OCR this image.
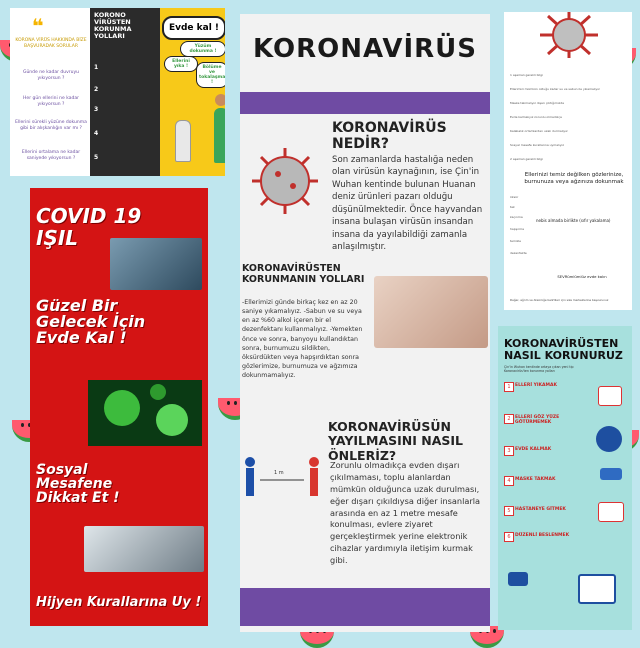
❝
KORONA VİRÜS HAKKINDA BİZE BAŞVURADAK SORULAR
Günde ne kadar duvruyu yıkıyorsun ?
Her gün ellerini ne kadar yıkıyorsun ?
Ellerini sürekli yüzüne dokunma gibi bir alışkanlığın var mı ?
Ellerini ortalama ne kadar saniyede yıkıyorsun ?
KORONO VİRÜSTEN KORUNMA YOLLARI
1
2
3
4
5
Evde kal !
Yüzüm dokunma !
Ellerini yıka !	Bölüme ve tokalaşma !
COVID 19
IŞIL
Güzel Bir Gelecek İçin Evde Kal !
Sosyal Mesafene Dikkat Et !
Hijyen Kurallarına Uy !
KORONAVİRÜS
KORONAVİRÜS NEDİR?
Son zamanlarda hastalığa neden olan virüsün kaynağının, ise Çin'in Wuhan kentinde bulunan Huanan deniz ürünleri pazarı olduğu düşünülmektedir. Önce hayvandan insana bulaşan virüsün insandan insana da yayılabildiği zamanla anlaşılmıştır.
KORONAVİRÜSTEN KORUNMANIN YOLLARI
-Ellerimizi günde birkaç kez en az 20 saniye yıkamalıyız. -Sabun ve su veya en az %60 alkol içeren bir el dezenfektanı kullanmalıyız. -Yemekten önce ve sonra, banyoyu kullandıktan sonra, burnumuzu sildikten, öksürdükten veya hapşırdıktan sonra gözlerimize, burnumuza ve ağzımıza dokunmamalıyız.
KORONAVİRÜSÜN YAYILMASINI NASIL ÖNLERİZ?
Zorunlu olmadıkça evden dışarı çıkılmaması, toplu alanlardan mümkün olduğunca uzak durulması, eğer dışarı çıkıldıysa diğer insanlarla arasında en az 1 metre mesafe konulması, evlere ziyaret gerçekleştirmek yerine elektronik cihazlar yardımıyla iletişim kurmak gibi.
1 m
1 aşamalı gerekli bilgi
Ellerimizi mümkün olduğu kadar su ve sabun ile yıkamalıyız
Maske takmalıyız dışarı çıktığımızda
Evde kalmalıyız zorunlu olmadıkça
Kalabalık ortamlardan uzak durmalıyız
Sosyal mesafe kurallarına uymalıyız
2 aşamalı gerekli bilgi
Ellerinizi temiz değilken gözlerinize, burnunuza veya ağzınıza dokunmak
öksür
tak
kaçınma
nebis almada birlikte (sıfır yakalama)
hapşırma
temizle
dezenfekte
SEVRümlümlüz evde kalın
Değer, ağrım ve öksürüğe belirtileri için size merkezlerine başvurunuz
KORONAVİRÜSTEN NASIL KORUNURUZ
Çin'in Wuhan kentinde ortaya çıkan yeni tip Koronavirüs'ten korunma yolları
1 ELLERİ YIKAMAK
2 ELLERİ GÖZ YÜZE GÖTÜRMEMEK
3 EVDE KALMAK
4 MASKE TAKMAK
5 HASTANEYE GİTMEK
6 DÜZENLİ BESLENMEK
